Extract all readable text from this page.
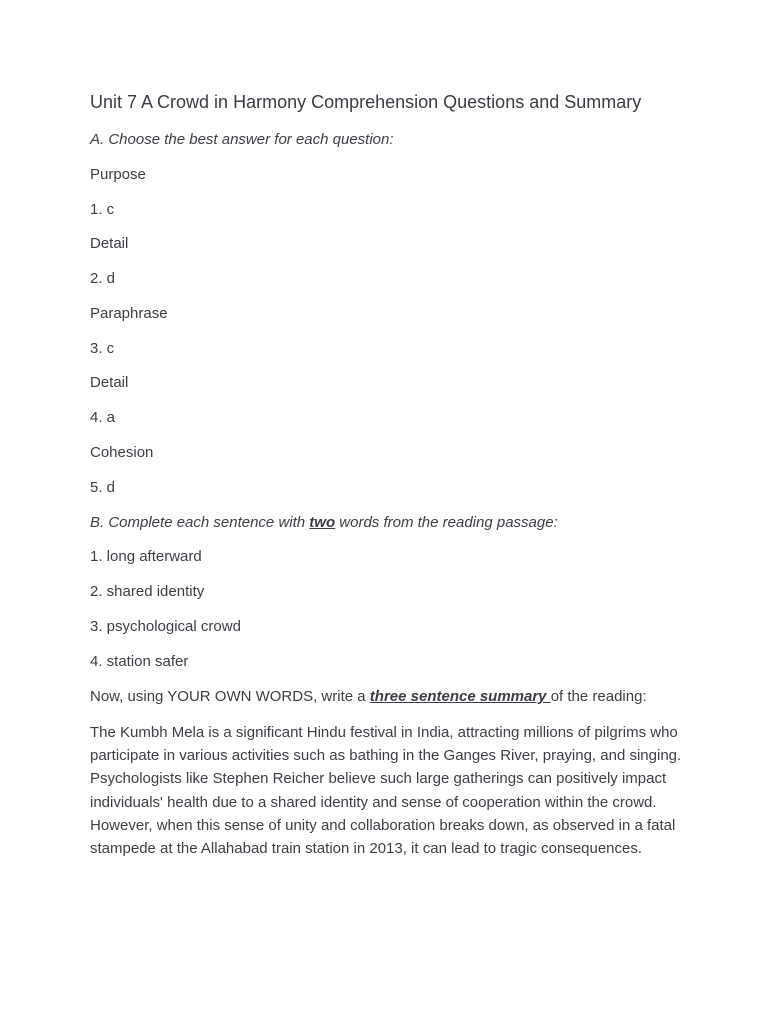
Unit 7 A Crowd in Harmony Comprehension Questions and Summary
A. Choose the best answer for each question:
Purpose
1. c
Detail
2. d
Paraphrase
3. c
Detail
4. a
Cohesion
5. d
B. Complete each sentence with two words from the reading passage:
1. long afterward
2. shared identity
3. psychological crowd
4. station safer
Now, using YOUR OWN WORDS, write a three sentence summary of the reading:
The Kumbh Mela is a significant Hindu festival in India, attracting millions of pilgrims who participate in various activities such as bathing in the Ganges River, praying, and singing. Psychologists like Stephen Reicher believe such large gatherings can positively impact individuals' health due to a shared identity and sense of cooperation within the crowd. However, when this sense of unity and collaboration breaks down, as observed in a fatal stampede at the Allahabad train station in 2013, it can lead to tragic consequences.
